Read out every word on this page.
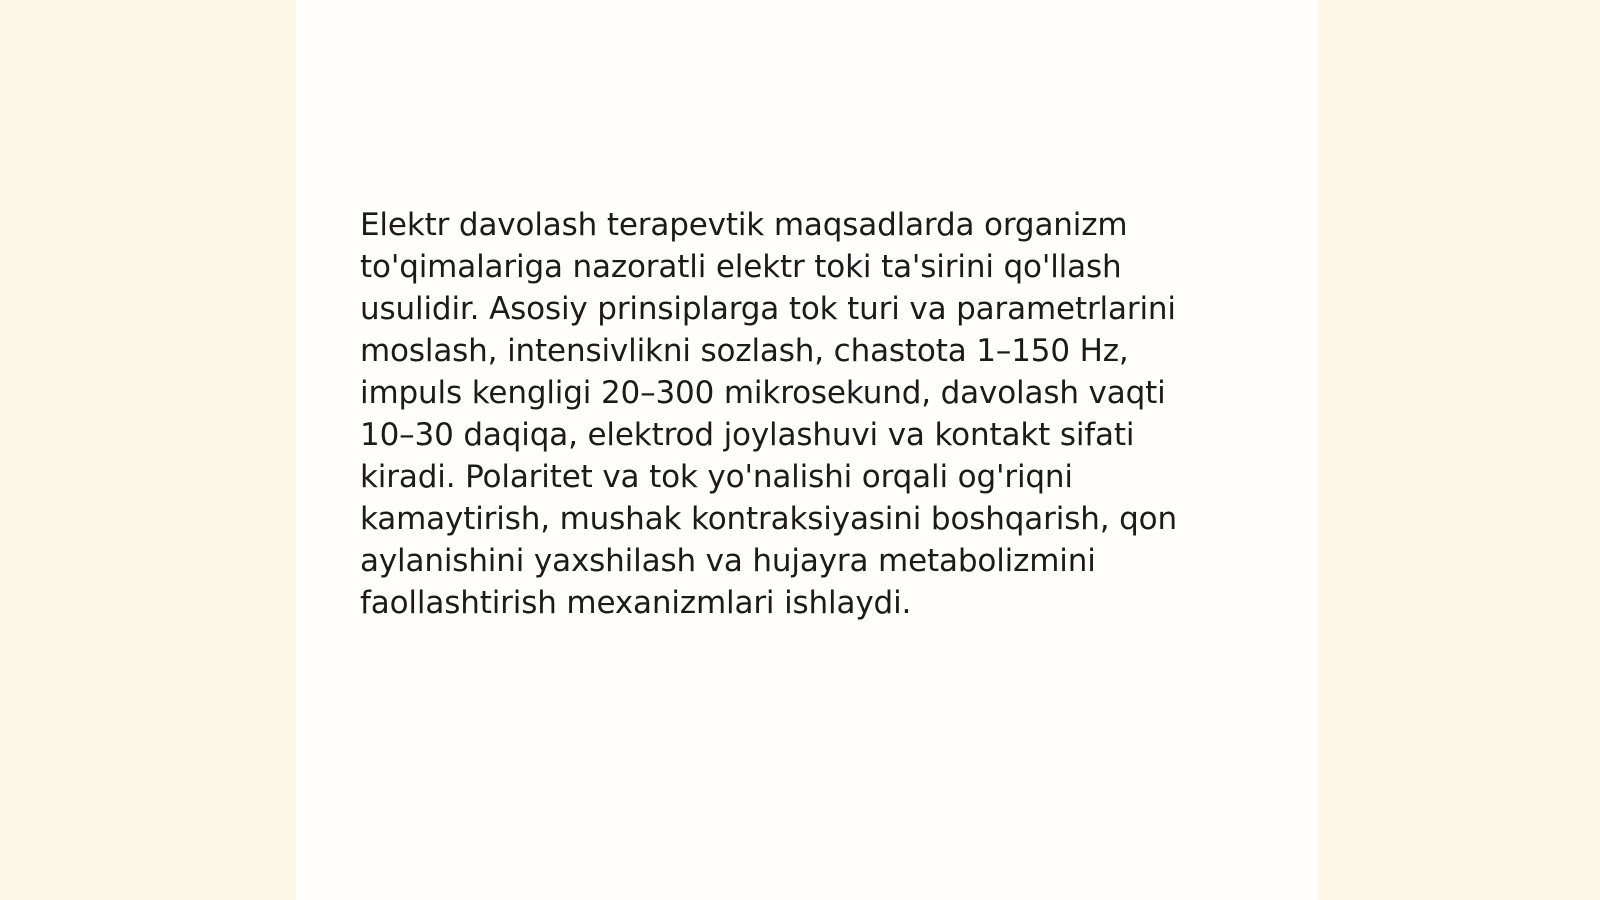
Elektr davolash terapevtik maqsadlarda organizm
to'qimalariga nazoratli elektr toki ta'sirini qo'llash
usulidir. Asosiy prinsiplarga tok turi va parametrlarini
moslash, intensivlikni sozlash, chastota 1–150 Hz,
impuls kengligi 20–300 mikrosekund, davolash vaqti
10–30 daqiqa, elektrod joylashuvi va kontakt sifati
kiradi. Polaritet va tok yo'nalishi orqali og'riqni
kamaytirish, mushak kontraksiyasini boshqarish, qon
aylanishini yaxshilash va hujayra metabolizmini
faollashtirish mexanizmlari ishlaydi.
